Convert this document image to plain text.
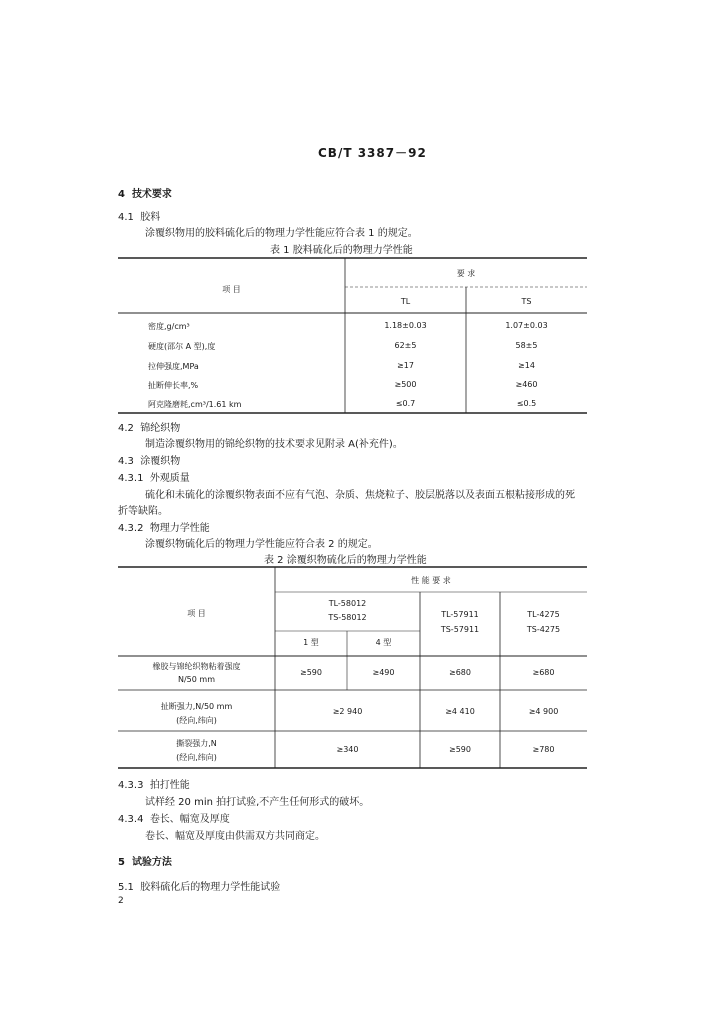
CB/T 3387－92
4 技术要求
4.1 胶料
涂覆织物用的胶料硫化后的物理力学性能应符合表 1 的规定。
表 1 胶料硫化后的物理力学性能
项 目
要 求
TL	TS
密度,g/cm³	1.18±0.03	1.07±0.03
硬度(邵尔 A 型),度	62±5	58±5
拉伸强度,MPa	≥17	≥14
扯断伸长率,%	≥500	≥460
阿克隆磨耗,cm³/1.61 km	≤0.7	≤0.5
4.2 锦纶织物
制造涂覆织物用的锦纶织物的技术要求见附录 A(补充件)。
4.3 涂覆织物
4.3.1 外观质量
硫化和未硫化的涂覆织物表面不应有气泡、杂质、焦烧粒子、胶层脱落以及表面五根粘接形成的死
折等缺陷。
4.3.2 物理力学性能
涂覆织物硫化后的物理力学性能应符合表 2 的规定。
表 2 涂覆织物硫化后的物理力学性能
项 目
性 能 要 求
TL-58012
TS-58012
1 型	4 型
TL-57911
TS-57911
TL-4275
TS-4275
橡胶与锦纶织物粘着强度
N/50 mm
≥590	≥490	≥680	≥680
扯断强力,N/50 mm
(经向,纬向)
≥2 940	≥4 410	≥4 900
撕裂强力,N
(经向,纬向)
≥340	≥590	≥780
4.3.3 拍打性能
试样经 20 min 拍打试验,不产生任何形式的破坏。
4.3.4 卷长、幅宽及厚度
卷长、幅宽及厚度由供需双方共同商定。
5 试验方法
5.1 胶料硫化后的物理力学性能试验
2
